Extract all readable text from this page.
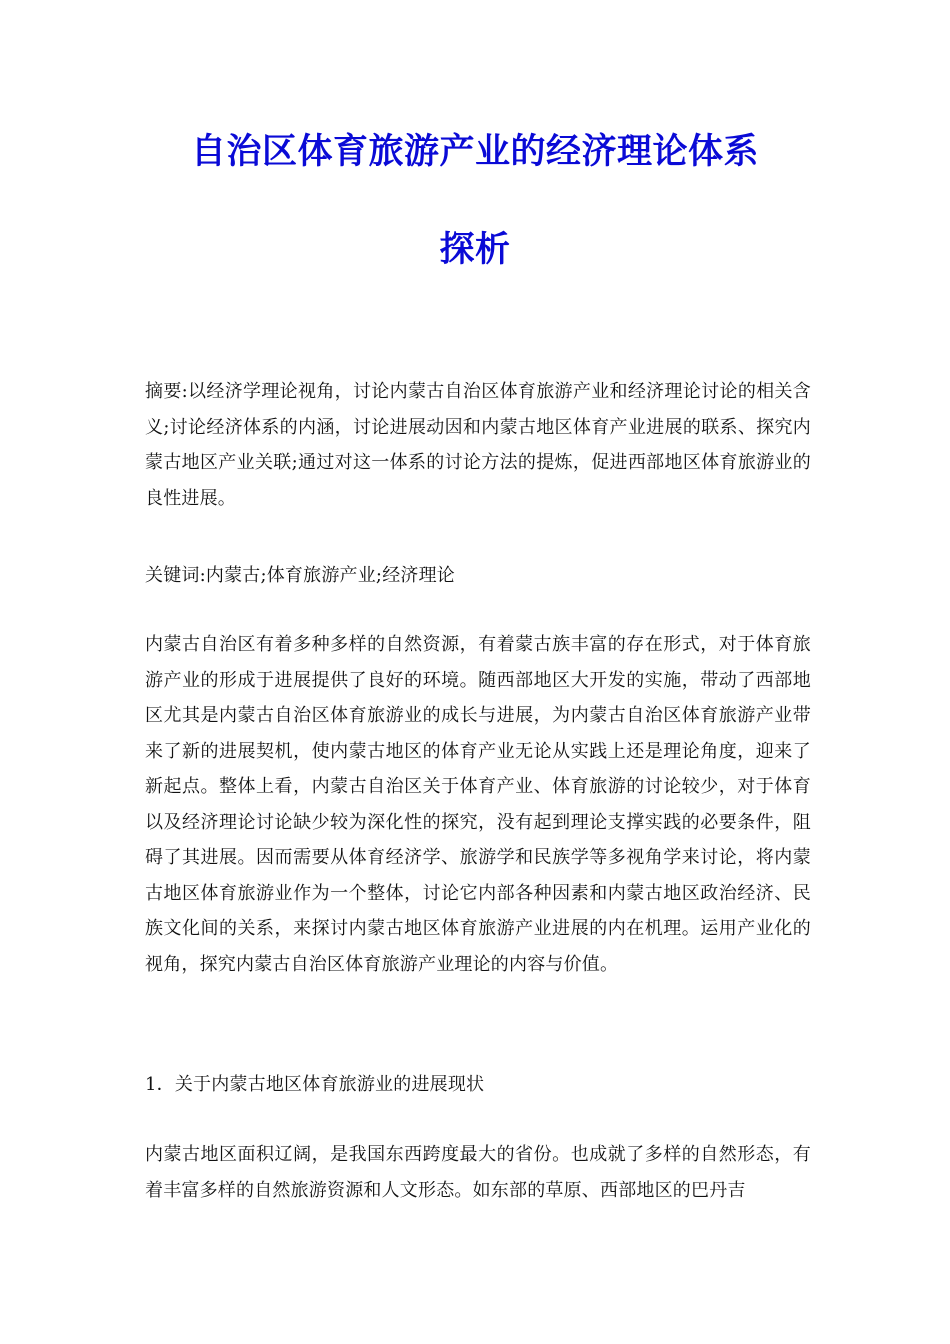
自治区体育旅游产业的经济理论体系
探析

摘要:以经济学理论视角，讨论内蒙古自治区体育旅游产业和经济理论讨论的相关含义;讨论经济体系的内涵，讨论进展动因和内蒙古地区体育产业进展的联系、探究内蒙古地区产业关联;通过对这一体系的讨论方法的提炼，促进西部地区体育旅游业的良性进展。

关键词:内蒙古;体育旅游产业;经济理论

内蒙古自治区有着多种多样的自然资源，有着蒙古族丰富的存在形式，对于体育旅游产业的形成于进展提供了良好的环境。随西部地区大开发的实施，带动了西部地区尤其是内蒙古自治区体育旅游业的成长与进展，为内蒙古自治区体育旅游产业带来了新的进展契机，使内蒙古地区的体育产业无论从实践上还是理论角度，迎来了新起点。整体上看，内蒙古自治区关于体育产业、体育旅游的讨论较少，对于体育以及经济理论讨论缺少较为深化性的探究，没有起到理论支撑实践的必要条件，阻碍了其进展。因而需要从体育经济学、旅游学和民族学等多视角学来讨论，将内蒙古地区体育旅游业作为一个整体，讨论它内部各种因素和内蒙古地区政治经济、民族文化间的关系，来探讨内蒙古地区体育旅游产业进展的内在机理。运用产业化的视角，探究内蒙古自治区体育旅游产业理论的内容与价值。

1．关于内蒙古地区体育旅游业的进展现状

内蒙古地区面积辽阔，是我国东西跨度最大的省份。也成就了多样的自然形态，有着丰富多样的自然旅游资源和人文形态。如东部的草原、西部地区的巴丹吉
